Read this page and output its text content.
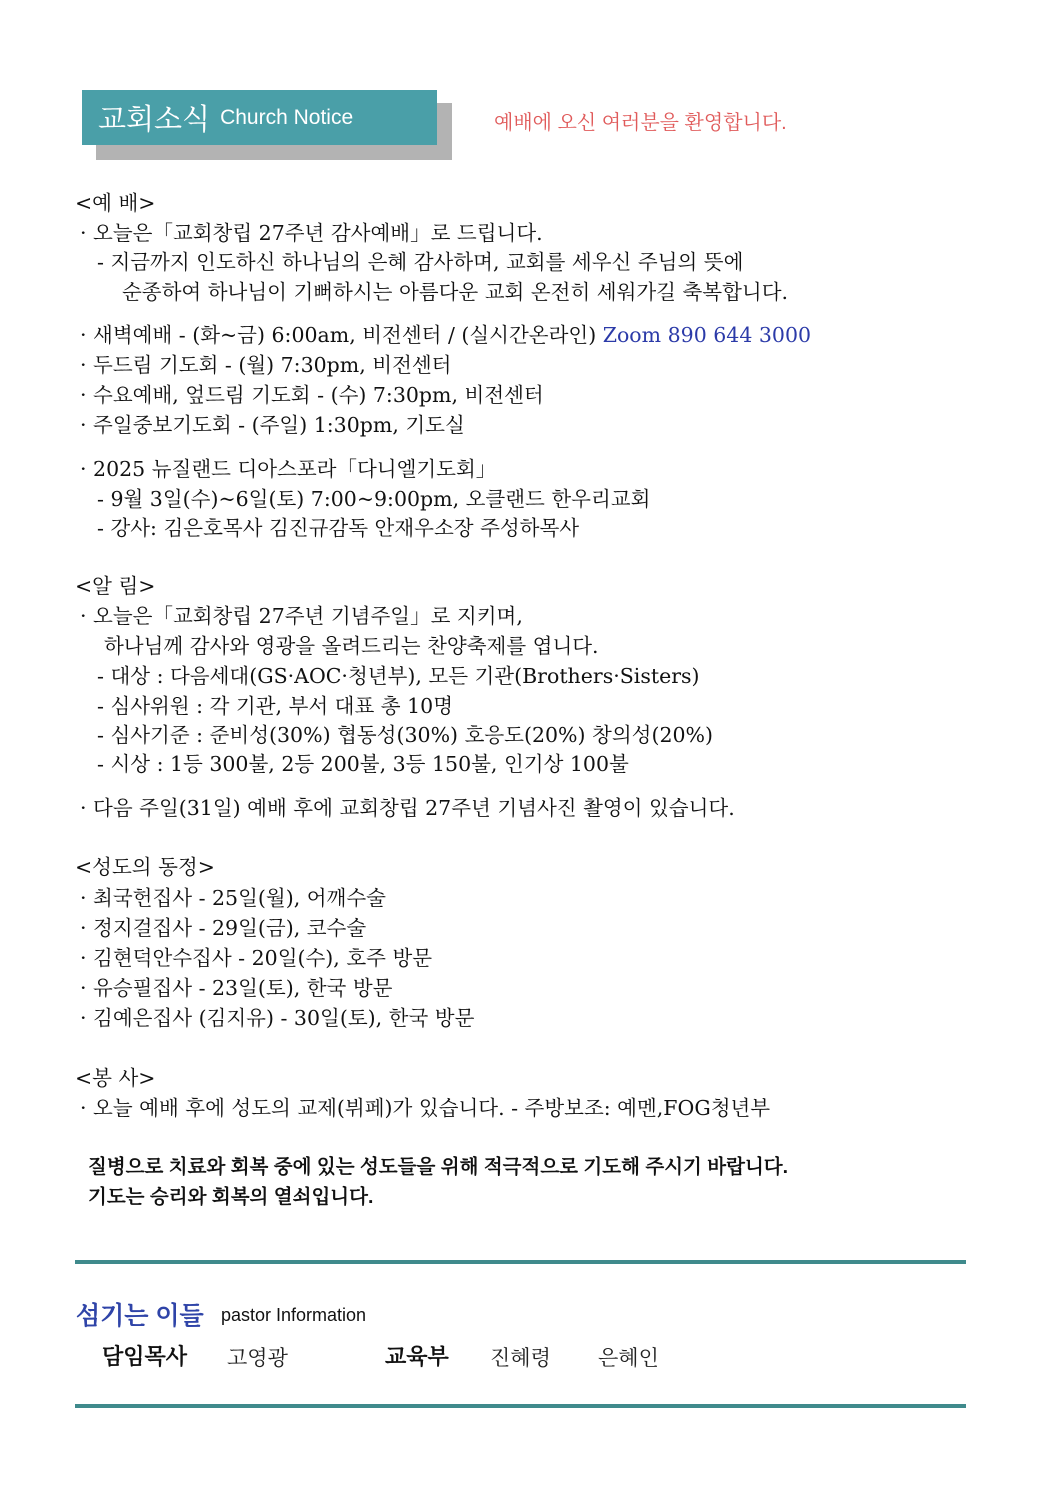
교회소식 Church Notice	예배에 오신 여러분을 환영합니다.
<예 배>
· 오늘은「교회창립 27주년 감사예배」로 드립니다.
- 지금까지 인도하신 하나님의 은혜 감사하며, 교회를 세우신 주님의 뜻에
순종하여 하나님이 기뻐하시는 아름다운 교회 온전히 세워가길 축복합니다.
· 새벽예배 - (화~금) 6:00am, 비전센터 / (실시간온라인) Zoom 890 644 3000
· 두드림 기도회 - (월) 7:30pm, 비전센터
· 수요예배, 엎드림 기도회 - (수) 7:30pm, 비전센터
· 주일중보기도회 - (주일) 1:30pm, 기도실
· 2025 뉴질랜드 디아스포라「다니엘기도회」
- 9월 3일(수)~6일(토) 7:00~9:00pm, 오클랜드 한우리교회
- 강사: 김은호목사 김진규감독 안재우소장 주성하목사
<알 림>
· 오늘은「교회창립 27주년 기념주일」로 지키며,
하나님께 감사와 영광을 올려드리는 찬양축제를 엽니다.
- 대상 : 다음세대(GS·AOC·청년부), 모든 기관(Brothers·Sisters)
- 심사위원 : 각 기관, 부서 대표 총 10명
- 심사기준 : 준비성(30%) 협동성(30%) 호응도(20%) 창의성(20%)
- 시상 : 1등 300불, 2등 200불, 3등 150불, 인기상 100불
· 다음 주일(31일) 예배 후에 교회창립 27주년 기념사진 촬영이 있습니다.
<성도의 동정>
· 최국헌집사 - 25일(월), 어깨수술
· 정지걸집사 - 29일(금), 코수술
· 김현덕안수집사 - 20일(수), 호주 방문
· 유승필집사 - 23일(토), 한국 방문
· 김예은집사 (김지유) - 30일(토), 한국 방문
<봉 사>
· 오늘 예배 후에 성도의 교제(뷔페)가 있습니다. - 주방보조: 예멘,FOG청년부
질병으로 치료와 회복 중에 있는 성도들을 위해 적극적으로 기도해 주시기 바랍니다.
기도는 승리와 회복의 열쇠입니다.
섬기는 이들 pastor Information
담임목사 고영광	교육부 진혜령 은혜인
